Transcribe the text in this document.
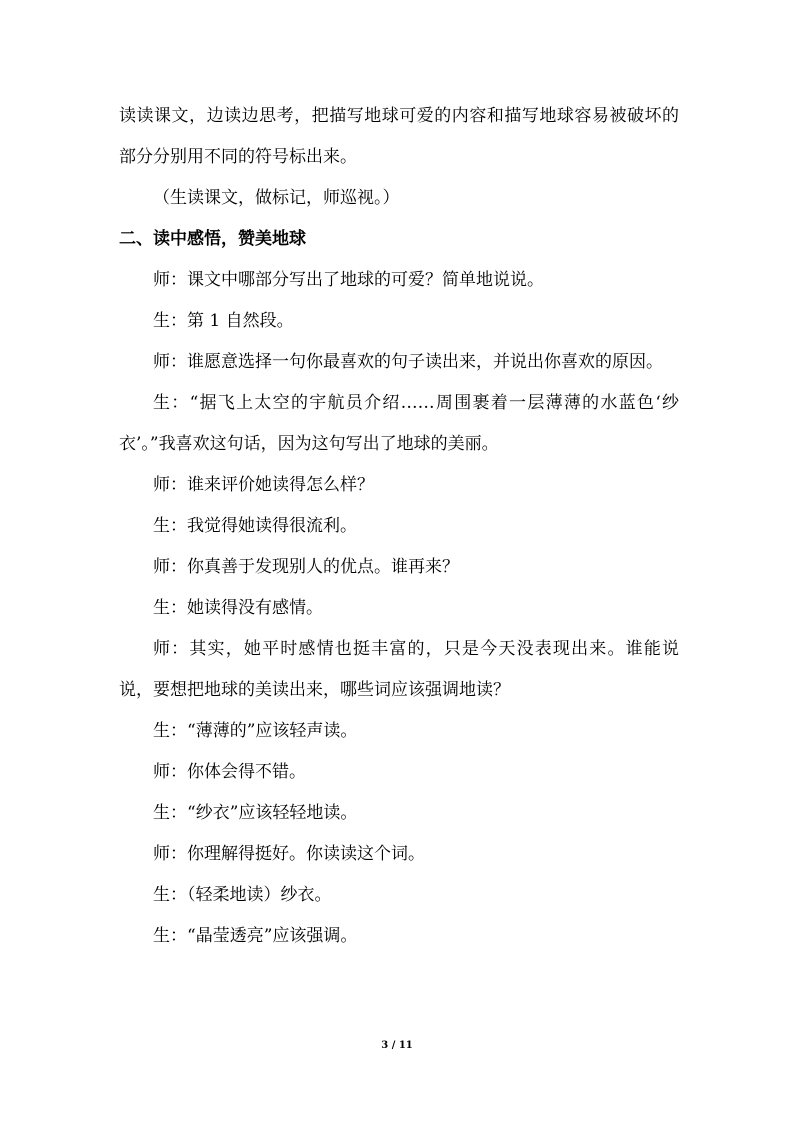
读读课文，边读边思考，把描写地球可爱的内容和描写地球容易被破坏的部分分别用不同的符号标出来。

（生读课文，做标记，师巡视。）

二、读中感悟，赞美地球

师：课文中哪部分写出了地球的可爱？简单地说说。

生：第 1 自然段。

师：谁愿意选择一句你最喜欢的句子读出来，并说出你喜欢的原因。

生：“据飞上太空的宇航员介绍……周围裹着一层薄薄的水蓝色‘纱衣’。”我喜欢这句话，因为这句写出了地球的美丽。

师：谁来评价她读得怎么样？

生：我觉得她读得很流利。

师：你真善于发现别人的优点。谁再来？

生：她读得没有感情。

师：其实，她平时感情也挺丰富的，只是今天没表现出来。谁能说说，要想把地球的美读出来，哪些词应该强调地读？

生：“薄薄的”应该轻声读。

师：你体会得不错。

生：“纱衣”应该轻轻地读。

师：你理解得挺好。你读读这个词。

生：（轻柔地读）纱衣。

生：“晶莹透亮”应该强调。

3 / 11
